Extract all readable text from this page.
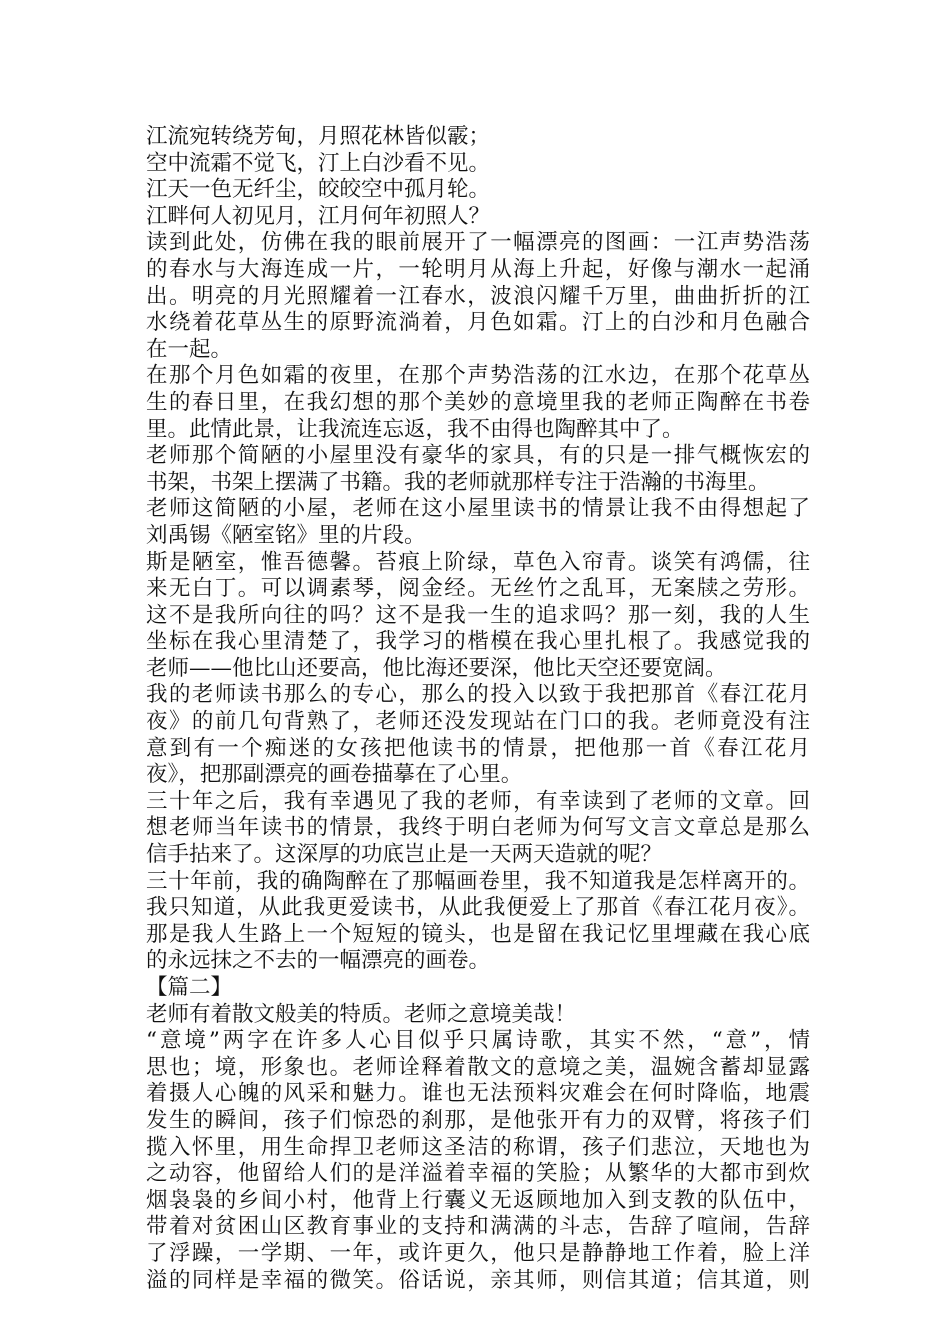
江流宛转绕芳甸，月照花林皆似霰；
空中流霜不觉飞，汀上白沙看不见。
江天一色无纤尘，皎皎空中孤月轮。
江畔何人初见月，江月何年初照人？
读到此处，仿佛在我的眼前展开了一幅漂亮的图画：一江声势浩荡
的春水与大海连成一片，一轮明月从海上升起，好像与潮水一起涌
出。明亮的月光照耀着一江春水，波浪闪耀千万里，曲曲折折的江
水绕着花草丛生的原野流淌着，月色如霜。汀上的白沙和月色融合
在一起。
在那个月色如霜的夜里，在那个声势浩荡的江水边，在那个花草丛
生的春日里，在我幻想的那个美妙的意境里我的老师正陶醉在书卷
里。此情此景，让我流连忘返，我不由得也陶醉其中了。
老师那个简陋的小屋里没有豪华的家具，有的只是一排气概恢宏的
书架，书架上摆满了书籍。我的老师就那样专注于浩瀚的书海里。
老师这简陋的小屋，老师在这小屋里读书的情景让我不由得想起了
刘禹锡《陋室铭》里的片段。
斯是陋室，惟吾德馨。苔痕上阶绿，草色入帘青。谈笑有鸿儒，往
来无白丁。可以调素琴，阅金经。无丝竹之乱耳，无案牍之劳形。
这不是我所向往的吗？这不是我一生的追求吗？那一刻，我的人生
坐标在我心里清楚了，我学习的楷模在我心里扎根了。我感觉我的
老师——他比山还要高，他比海还要深，他比天空还要宽阔。
我的老师读书那么的专心，那么的投入以致于我把那首《春江花月
夜》的前几句背熟了，老师还没发现站在门口的我。老师竟没有注
意到有一个痴迷的女孩把他读书的情景，把他那一首《春江花月
夜》，把那副漂亮的画卷描摹在了心里。
三十年之后，我有幸遇见了我的老师，有幸读到了老师的文章。回
想老师当年读书的情景，我终于明白老师为何写文言文章总是那么
信手拈来了。这深厚的功底岂止是一天两天造就的呢？
三十年前，我的确陶醉在了那幅画卷里，我不知道我是怎样离开的。
我只知道，从此我更爱读书，从此我便爱上了那首《春江花月夜》。
那是我人生路上一个短短的镜头，也是留在我记忆里埋藏在我心底
的永远抹之不去的一幅漂亮的画卷。
【篇二】
老师有着散文般美的特质。老师之意境美哉！
“意境”两字在许多人心目似乎只属诗歌，其实不然，“意”，情
思也；境，形象也。老师诠释着散文的意境之美，温婉含蓄却显露
着摄人心魄的风采和魅力。谁也无法预料灾难会在何时降临，地震
发生的瞬间，孩子们惊恐的刹那，是他张开有力的双臂，将孩子们
揽入怀里，用生命捍卫老师这圣洁的称谓，孩子们悲泣，天地也为
之动容，他留给人们的是洋溢着幸福的笑脸；从繁华的大都市到炊
烟袅袅的乡间小村，他背上行囊义无返顾地加入到支教的队伍中，
带着对贫困山区教育事业的支持和满满的斗志，告辞了喧闹，告辞
了浮躁，一学期、一年，或许更久，他只是静静地工作着，脸上洋
溢的同样是幸福的微笑。俗话说，亲其师，则信其道；信其道，则
